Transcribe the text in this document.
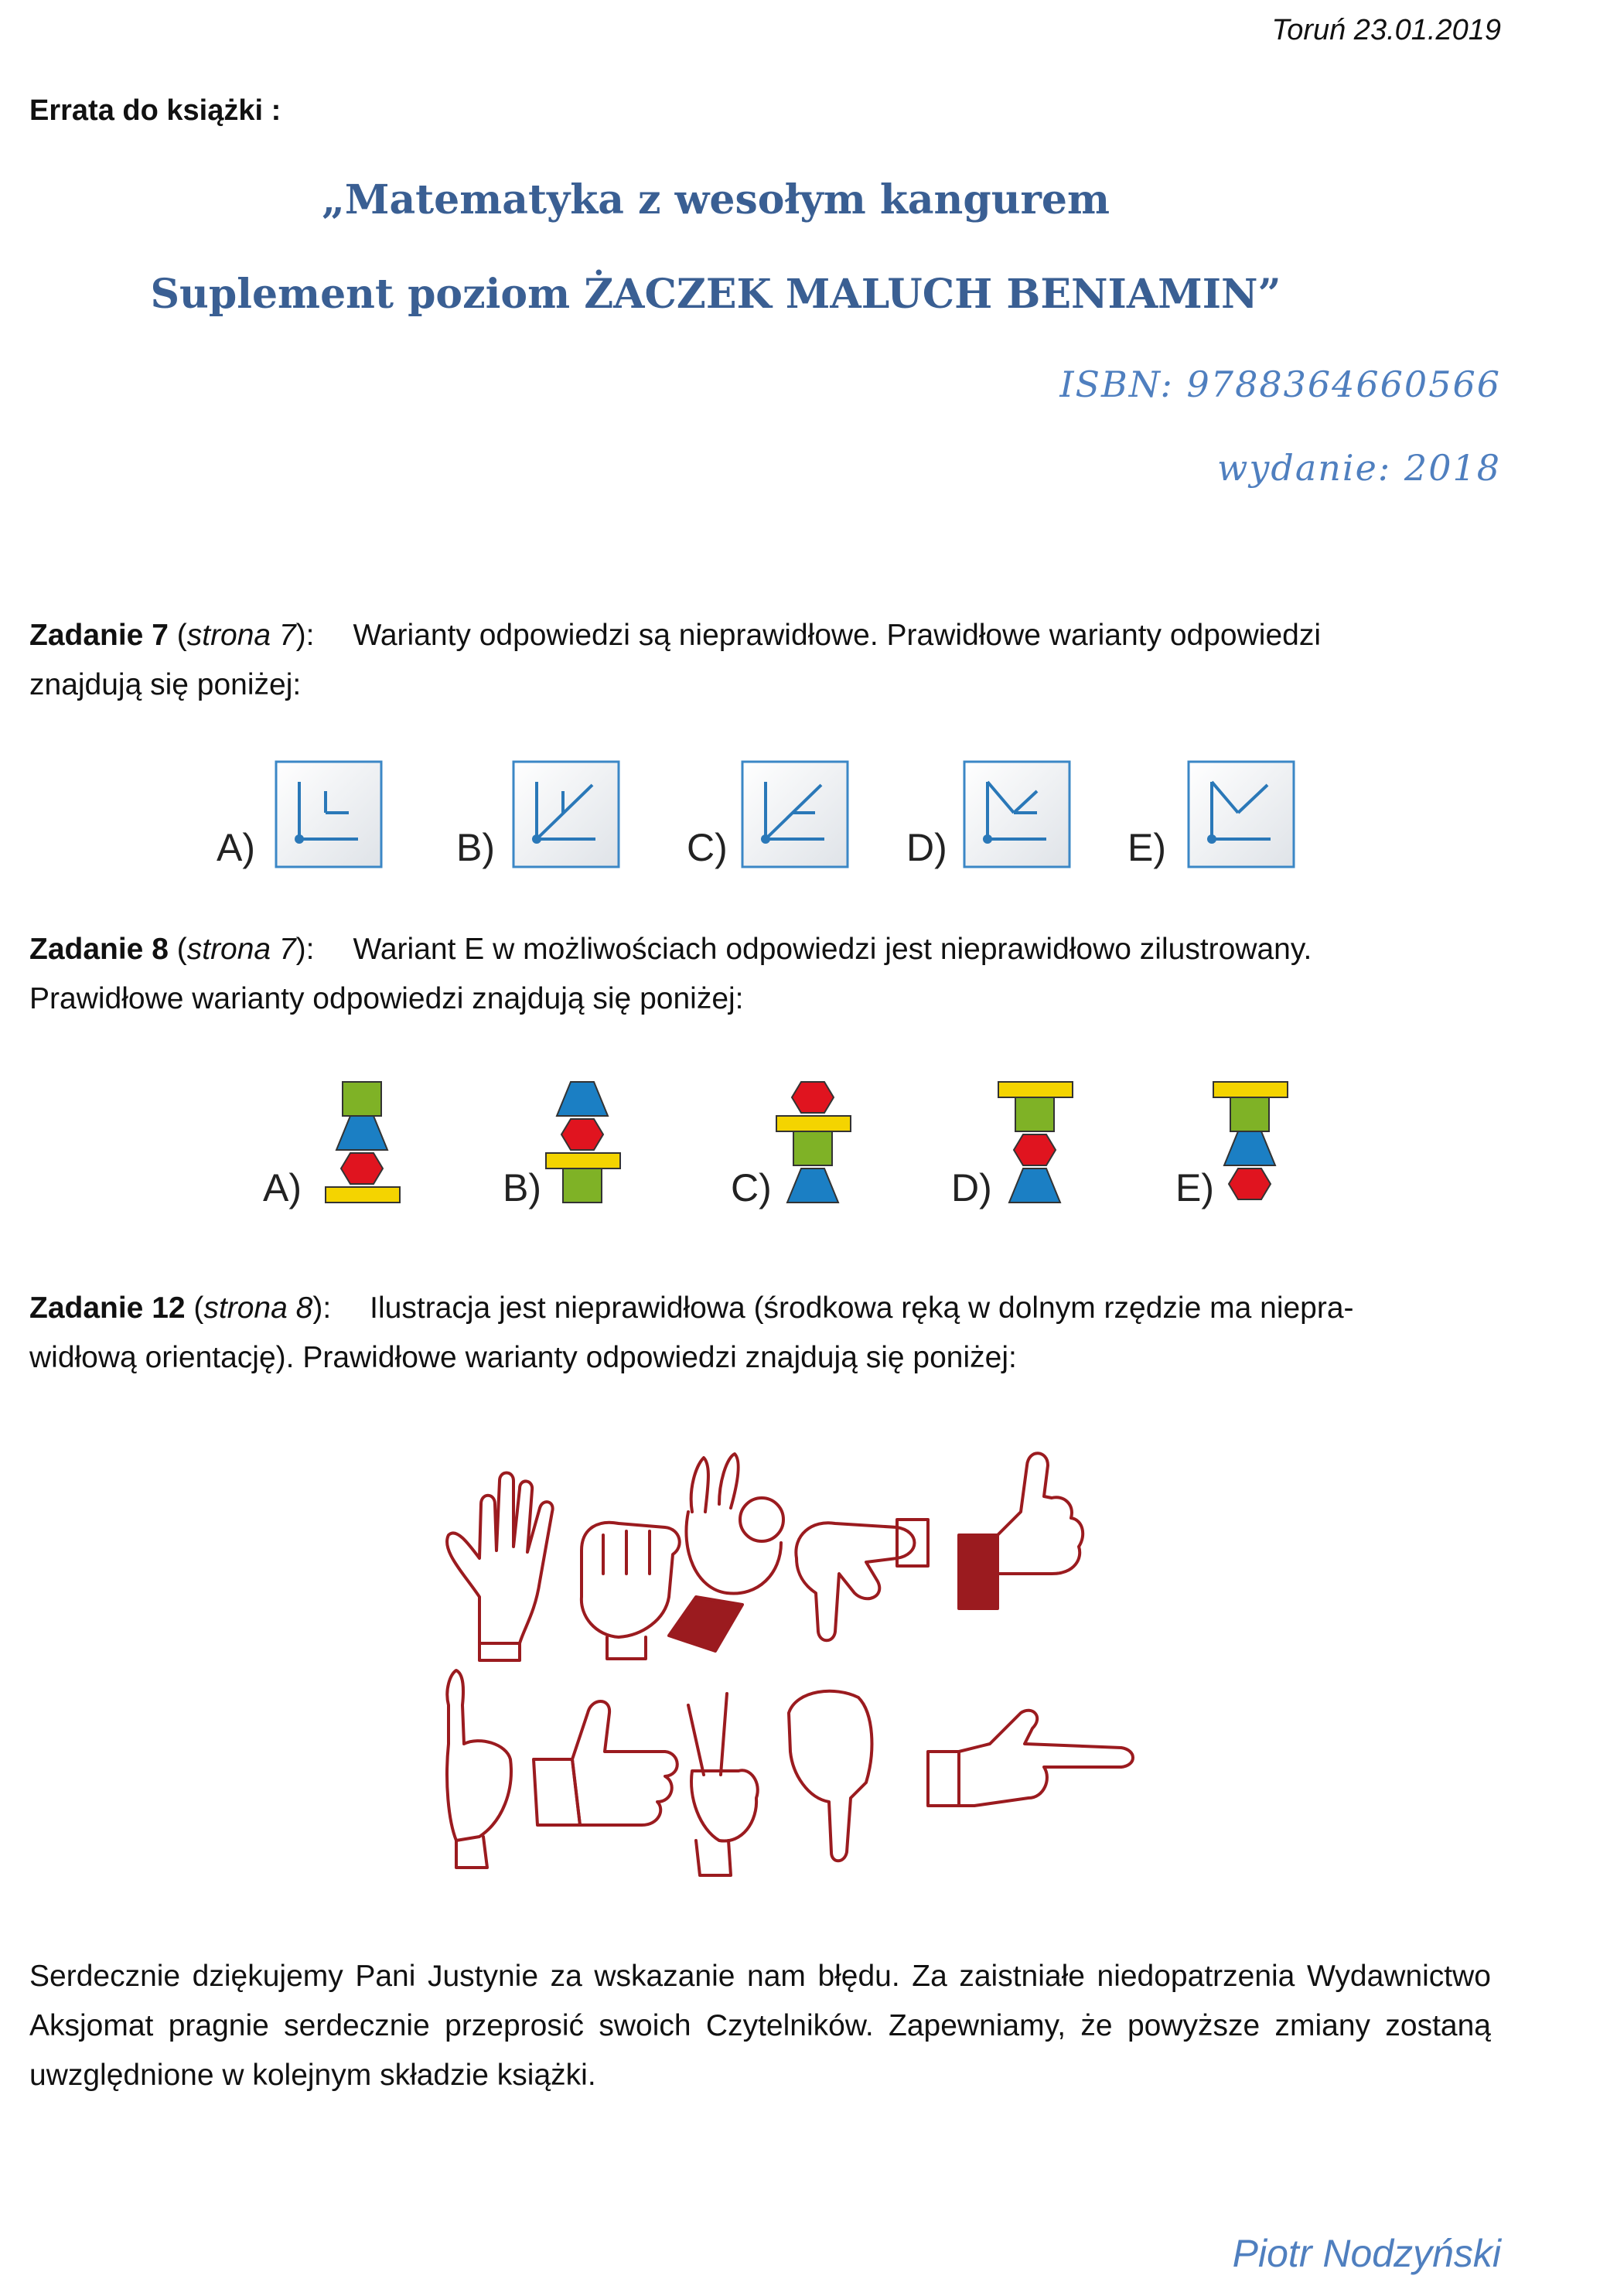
Toruń 23.01.2019
Errata do książki :
„Matematyka z wesołym kangurem
Suplement poziom ŻACZEK MALUCH BENIAMIN”
ISBN: 9788364660566
wydanie: 2018
Zadanie 7 (strona 7): Warianty odpowiedzi są nieprawidłowe. Prawidłowe warianty odpowiedzi
znajdują się poniżej:
A)	B)	C)	D)	E)
Zadanie 8 (strona 7): Wariant E w możliwościach odpowiedzi jest nieprawidłowo zilustrowany.
Prawidłowe warianty odpowiedzi znajdują się poniżej:
A)	B)	C)	D)	E)
Zadanie 12 (strona 8): Ilustracja jest nieprawidłowa (środkowa ręką w dolnym rzędzie ma niepra-
widłową orientację). Prawidłowe warianty odpowiedzi znajdują się poniżej:
Serdecznie dziękujemy Pani Justynie za wskazanie nam błędu. Za zaistniałe niedopatrzenia Wydawnictwo Aksjomat pragnie serdecznie przeprosić swoich Czytelników. Zapewniamy, że powyższe zmiany zostaną uwzględnione w kolejnym składzie książki.
Piotr Nodzyński
